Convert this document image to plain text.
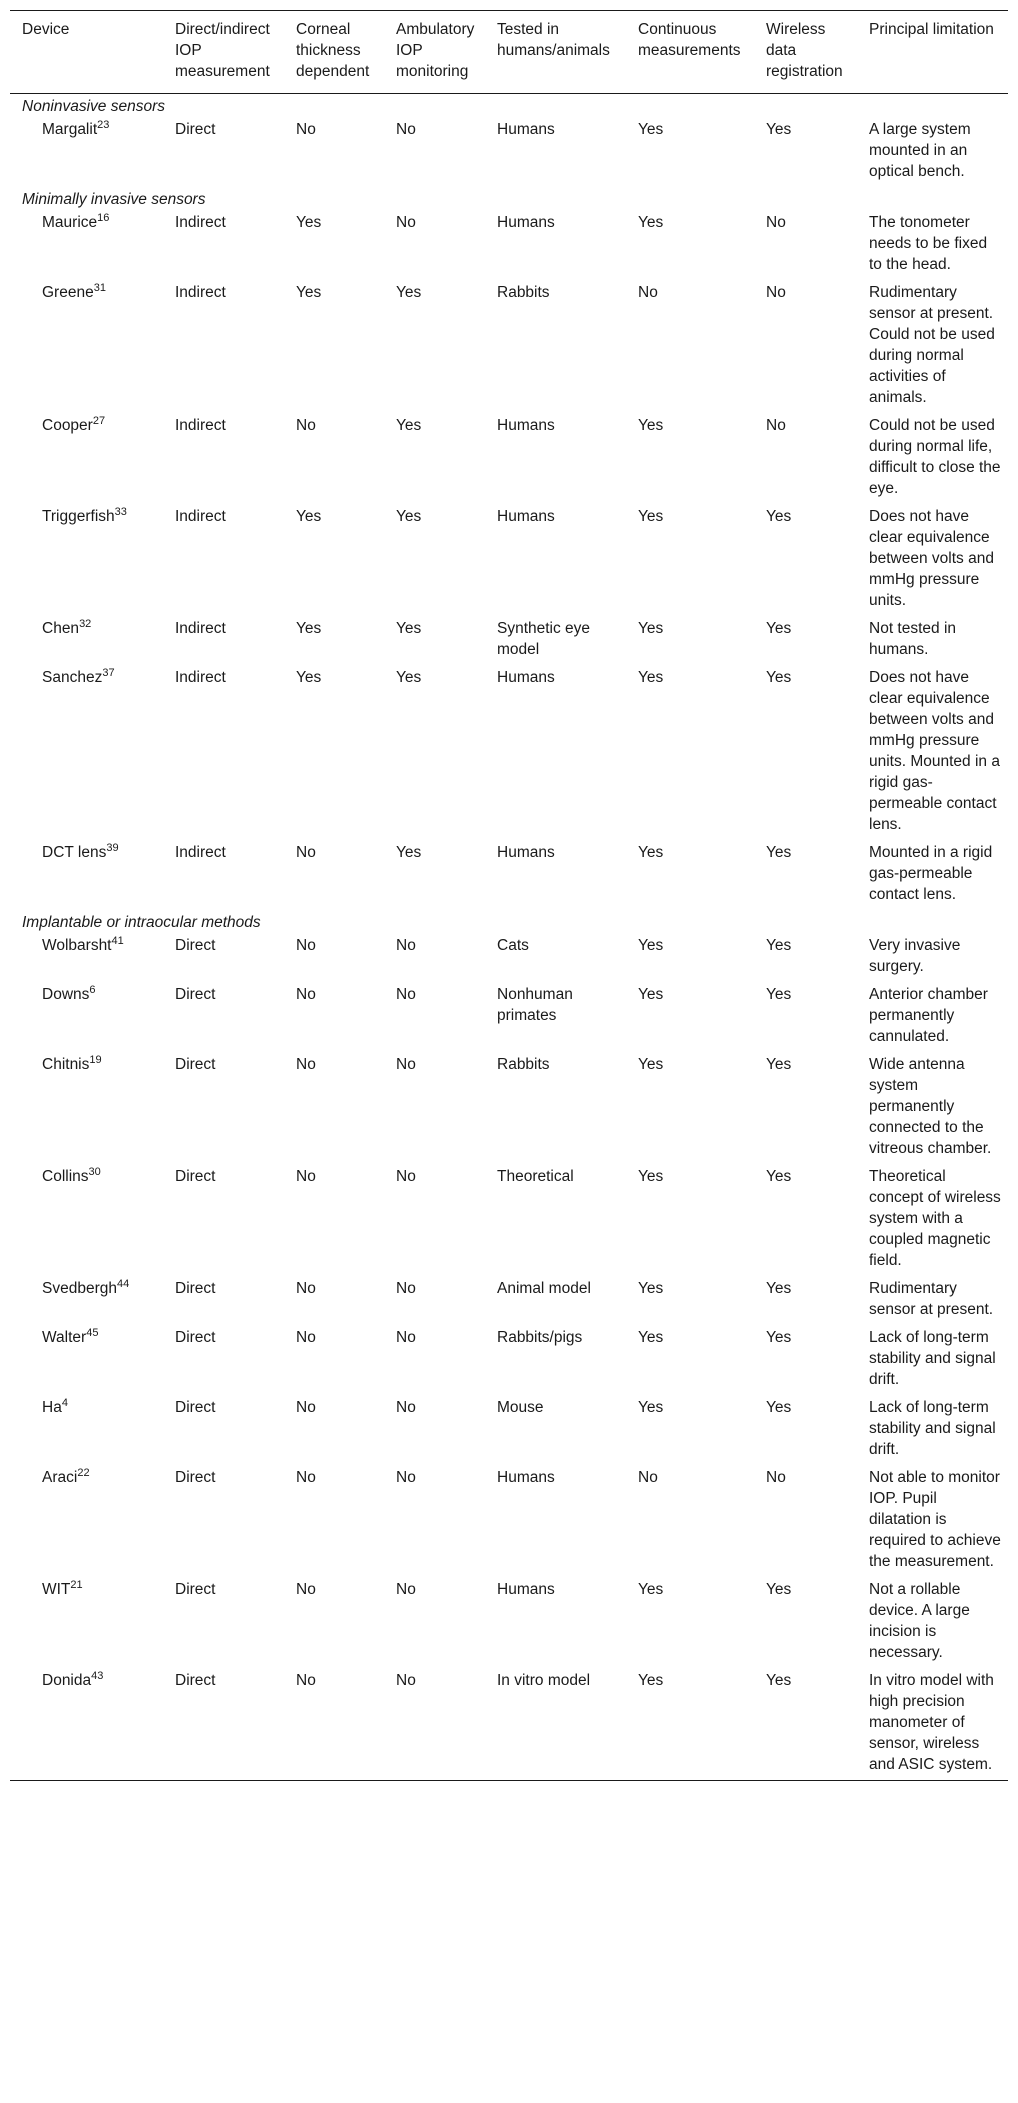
Device	Direct/indirect IOP measurement	Corneal thickness dependent	Ambulatory IOP monitoring	Tested in humans/animals	Continuous measurements	Wireless data registration	Principal limitation
Noninvasive sensors							
Margalit$^{23}$	Direct	No	No	Humans	Yes	Yes	A large system mounted in an optical bench.
Minimally invasive sensors							
Maurice$^{16}$	Indirect	Yes	No	Humans	Yes	No	The tonometer needs to be fixed to the head.
Greene$^{31}$	Indirect	Yes	Yes	Rabbits	No	No	Rudimentary sensor at present. Could not be used during normal activities of animals.
Cooper$^{27}$	Indirect	No	Yes	Humans	Yes	No	Could not be used during normal life, difficult to close the eye.
Triggerfish$^{33}$	Indirect	Yes	Yes	Humans	Yes	Yes	Does not have clear equivalence between volts and mmHg pressure units.
Chen$^{32}$	Indirect	Yes	Yes	Synthetic eye model	Yes	Yes	Not tested in humans.
Sanchez$^{37}$	Indirect	Yes	Yes	Humans	Yes	Yes	Does not have clear equivalence between volts and mmHg pressure units. Mounted in a rigid gas-permeable contact lens.
DCT lens$^{39}$	Indirect	No	Yes	Humans	Yes	Yes	Mounted in a rigid gas-permeable contact lens.
Implantable or intraocular methods							
Wolbarsht$^{41}$	Direct	No	No	Cats	Yes	Yes	Very invasive surgery.
Downs$^6$	Direct	No	No	Nonhuman primates	Yes	Yes	Anterior chamber permanently cannulated.
Chitnis$^{19}$	Direct	No	No	Rabbits	Yes	Yes	Wide antenna system permanently connected to the vitreous chamber.
Collins$^{30}$	Direct	No	No	Theoretical	Yes	Yes	Theoretical concept of wireless system with a coupled magnetic field.
Svedbergh$^{44}$	Direct	No	No	Animal model	Yes	Yes	Rudimentary sensor at present.
Walter$^{45}$	Direct	No	No	Rabbits/pigs	Yes	Yes	Lack of long-term stability and signal drift.
Ha$^4$	Direct	No	No	Mouse	Yes	Yes	Lack of long-term stability and signal drift.
Araci$^{22}$	Direct	No	No	Humans	No	No	Not able to monitor IOP. Pupil dilatation is required to achieve the measurement.
WIT$^{21}$	Direct	No	No	Humans	Yes	Yes	Not a rollable device. A large incision is necessary.
Donida$^{43}$	Direct	No	No	In vitro model	Yes	Yes	In vitro model with high precision manometer of sensor, wireless and ASIC system.
